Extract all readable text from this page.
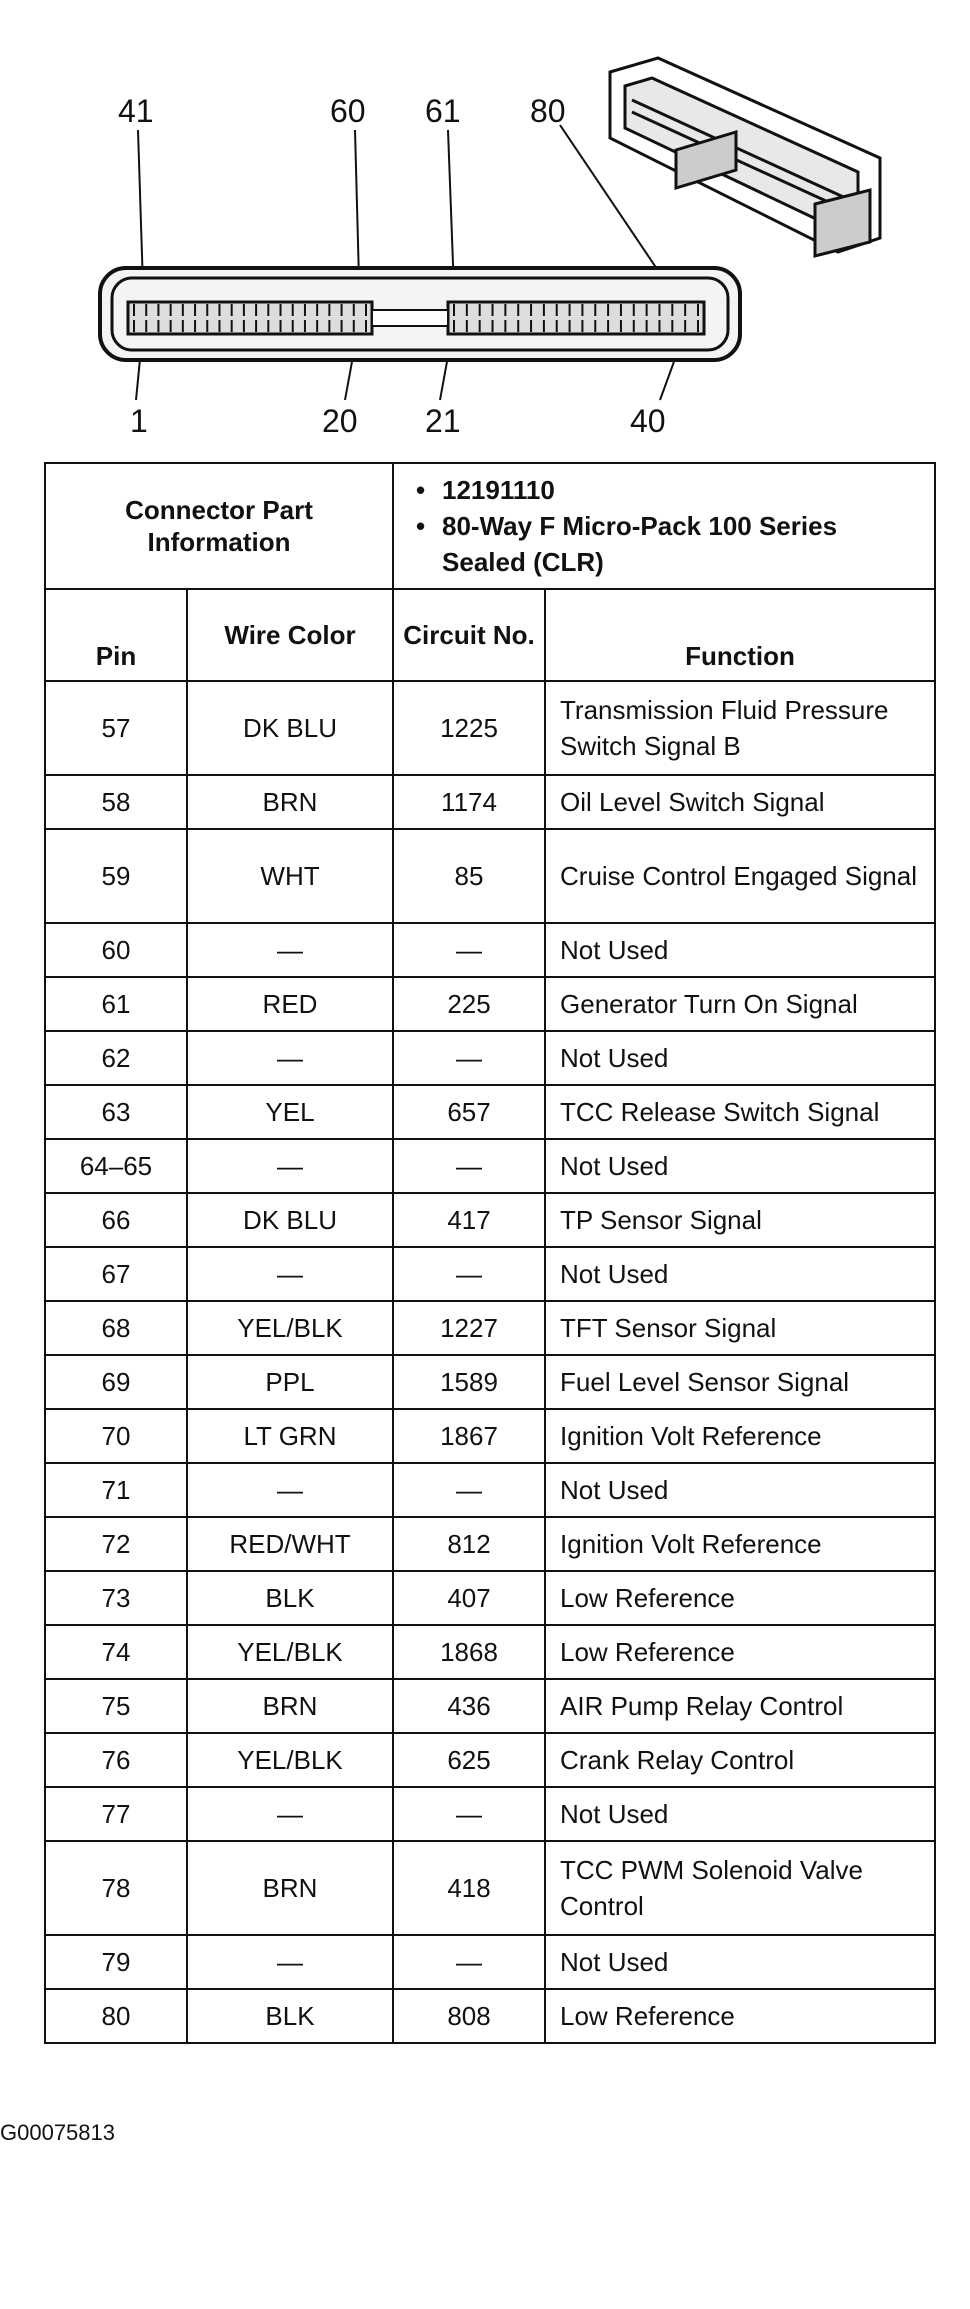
41	60 61 80
1	20 21	40
Connector Part Information		• 12191110
• 80-Way F Micro-Pack 100 Series Sealed (CLR)

Pin	Wire Color	Circuit No.	Function
57	DK BLU	1225	Transmission Fluid Pressure Switch Signal B
58	BRN	1174	Oil Level Switch Signal
59	WHT	85	Cruise Control Engaged Signal
60	—	—	Not Used
61	RED	225	Generator Turn On Signal
62	—	—	Not Used
63	YEL	657	TCC Release Switch Signal
64–65	—	—	Not Used
66	DK BLU	417	TP Sensor Signal
67	—	—	Not Used
68	YEL/BLK	1227	TFT Sensor Signal
69	PPL	1589	Fuel Level Sensor Signal
70	LT GRN	1867	Ignition Volt Reference
71	—	—	Not Used
72	RED/WHT	812	Ignition Volt Reference
73	BLK	407	Low Reference
74	YEL/BLK	1868	Low Reference
75	BRN	436	AIR Pump Relay Control
76	YEL/BLK	625	Crank Relay Control
77	—	—	Not Used
78	BRN	418	TCC PWM Solenoid Valve Control
79	—	—	Not Used
80	BLK	808	Low Reference
G00075813
